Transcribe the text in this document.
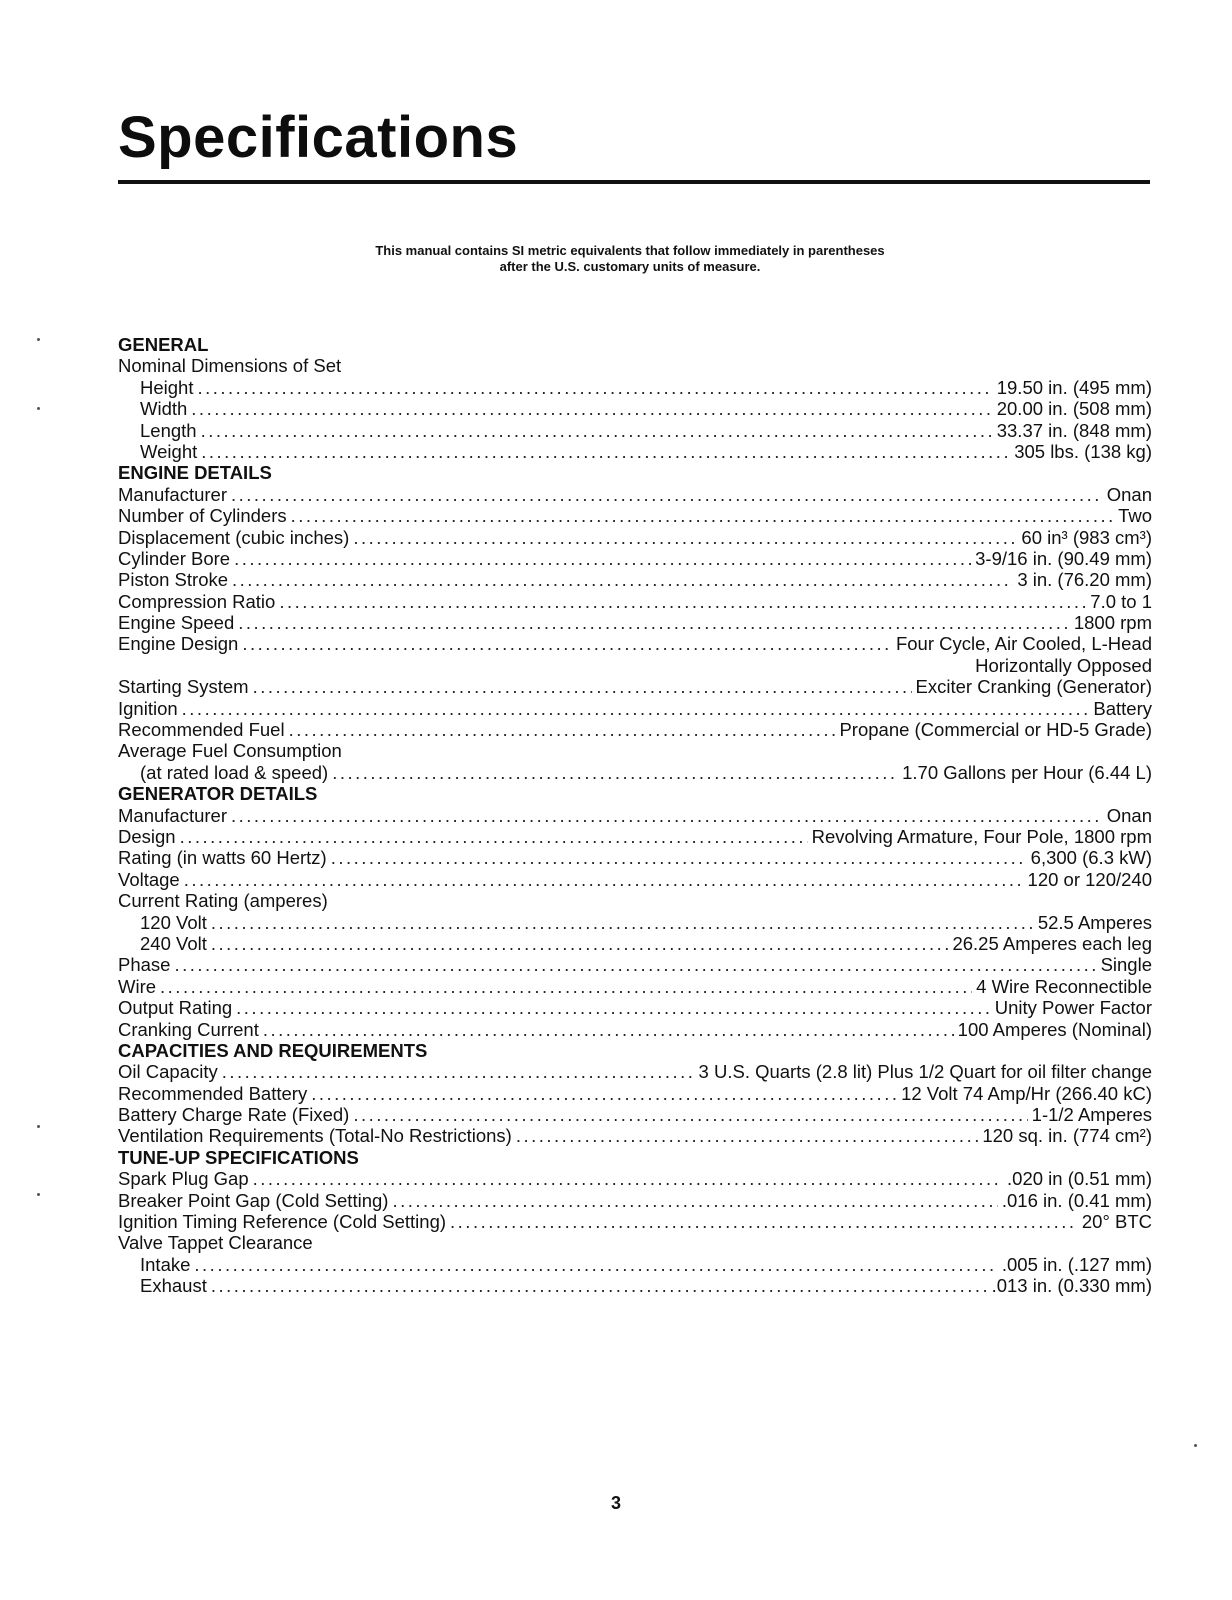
Specifications
This manual contains SI metric equivalents that follow immediately in parentheses
after the U.S. customary units of measure.
GENERAL
Nominal Dimensions of Set
Height .....	19.50 in. (495 mm)
Width .....	20.00 in. (508 mm)
Length .....	33.37 in. (848 mm)
Weight .....	305 lbs. (138 kg)
ENGINE DETAILS
Manufacturer .....	Onan
Number of Cylinders .....	Two
Displacement (cubic inches) .....	60 in³ (983 cm³)
Cylinder Bore .....	3-9/16 in. (90.49 mm)
Piston Stroke .....	3 in. (76.20 mm)
Compression Ratio .....	7.0 to 1
Engine Speed .....	1800 rpm
Engine Design .....	Four Cycle, Air Cooled, L-Head
Horizontally Opposed
Starting System .....	Exciter Cranking (Generator)
Ignition .....	Battery
Recommended Fuel .....	Propane (Commercial or HD-5 Grade)
Average Fuel Consumption
(at rated load & speed) .....	1.70 Gallons per Hour (6.44 L)
GENERATOR DETAILS
Manufacturer .....	Onan
Design .....	Revolving Armature, Four Pole, 1800 rpm
Rating (in watts 60 Hertz) .....	6,300 (6.3 kW)
Voltage .....	120 or 120/240
Current Rating (amperes)
120 Volt .....	52.5 Amperes
240 Volt .....	26.25 Amperes each leg
Phase .....	Single
Wire .....	4 Wire Reconnectible
Output Rating .....	Unity Power Factor
Cranking Current .....	100 Amperes (Nominal)
CAPACITIES AND REQUIREMENTS
Oil Capacity .....	3 U.S. Quarts (2.8 lit) Plus 1/2 Quart for oil filter change
Recommended Battery .....	12 Volt 74 Amp/Hr (266.40 kC)
Battery Charge Rate (Fixed) .....	1-1/2 Amperes
Ventilation Requirements (Total-No Restrictions) .....	120 sq. in. (774 cm²)
TUNE-UP SPECIFICATIONS
Spark Plug Gap .....	.020 in (0.51 mm)
Breaker Point Gap (Cold Setting) .....	.016 in. (0.41 mm)
Ignition Timing Reference (Cold Setting) .....	20° BTC
Valve Tappet Clearance
Intake .....	.005 in. (.127 mm)
Exhaust .....	.013 in. (0.330 mm)
3
